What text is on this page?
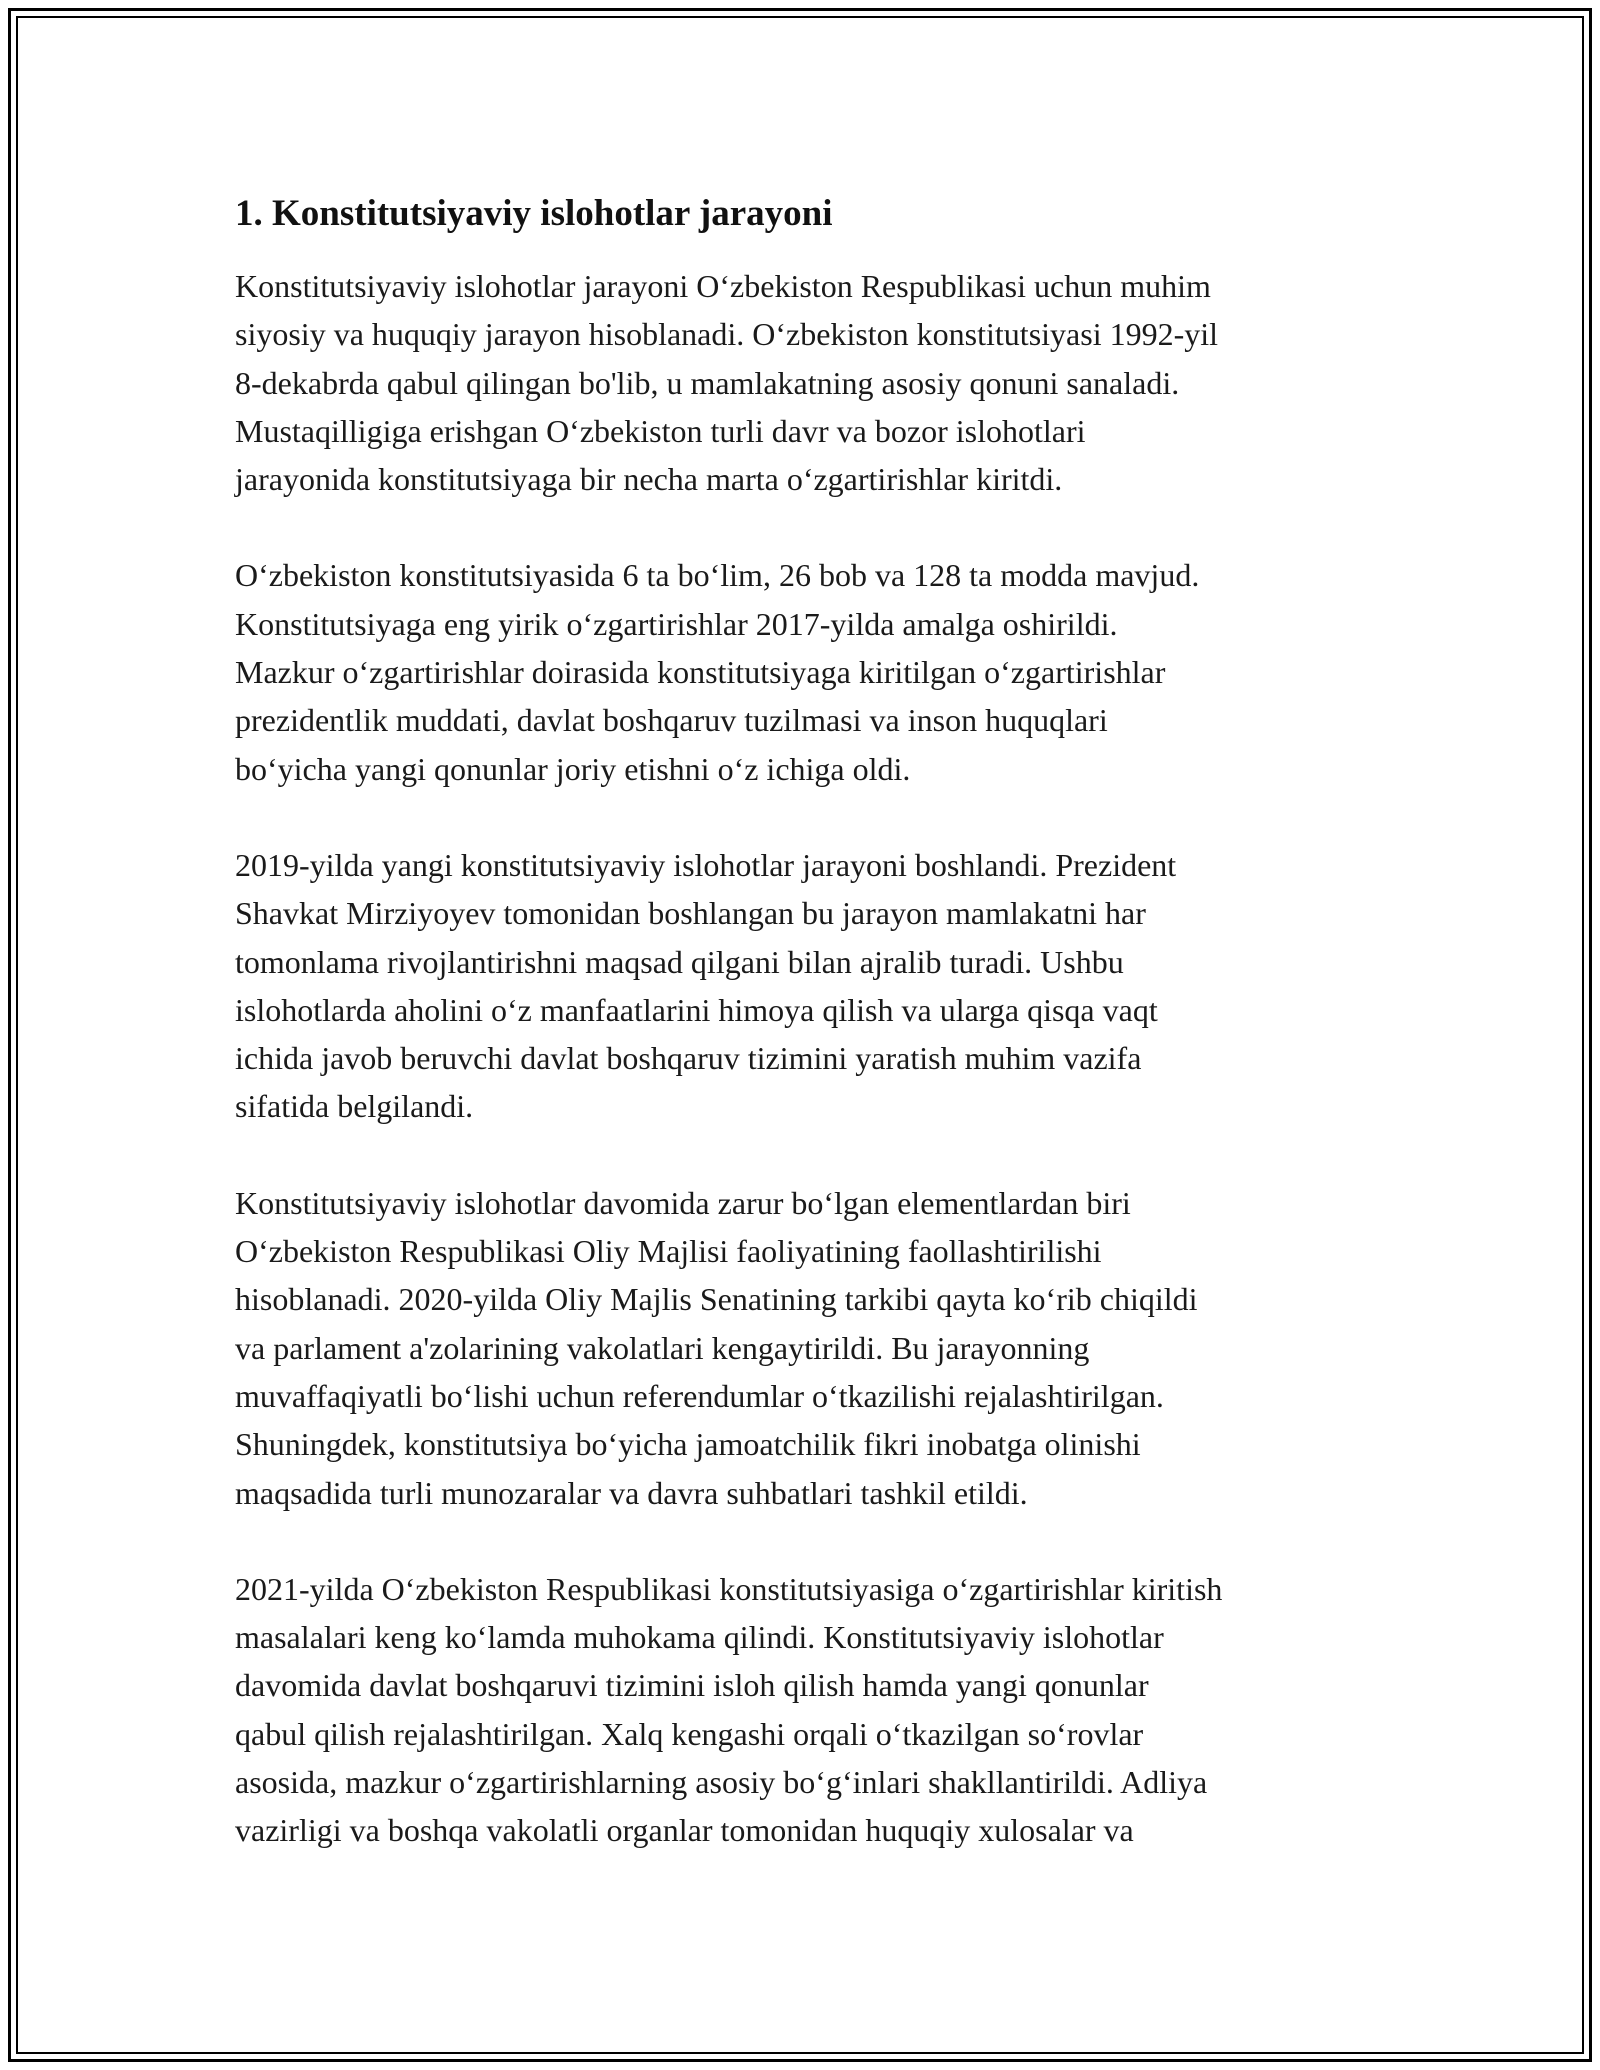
1. Konstitutsiyaviy islohotlar jarayoni

Konstitutsiyaviy islohotlar jarayoni Oʻzbekiston Respublikasi uchun muhim
siyosiy va huquqiy jarayon hisoblanadi. Oʻzbekiston konstitutsiyasi 1992-yil
8-dekabrda qabul qilingan bo'lib, u mamlakatning asosiy qonuni sanaladi.
Mustaqilligiga erishgan Oʻzbekiston turli davr va bozor islohotlari
jarayonida konstitutsiyaga bir necha marta oʻzgartirishlar kiritdi.

Oʻzbekiston konstitutsiyasida 6 ta boʻlim, 26 bob va 128 ta modda mavjud.
Konstitutsiyaga eng yirik oʻzgartirishlar 2017-yilda amalga oshirildi.
Mazkur oʻzgartirishlar doirasida konstitutsiyaga kiritilgan oʻzgartirishlar
prezidentlik muddati, davlat boshqaruv tuzilmasi va inson huquqlari
boʻyicha yangi qonunlar joriy etishni oʻz ichiga oldi.

2019-yilda yangi konstitutsiyaviy islohotlar jarayoni boshlandi. Prezident
Shavkat Mirziyoyev tomonidan boshlangan bu jarayon mamlakatni har
tomonlama rivojlantirishni maqsad qilgani bilan ajralib turadi. Ushbu
islohotlarda aholini oʻz manfaatlarini himoya qilish va ularga qisqa vaqt
ichida javob beruvchi davlat boshqaruv tizimini yaratish muhim vazifa
sifatida belgilandi.

Konstitutsiyaviy islohotlar davomida zarur boʻlgan elementlardan biri
Oʻzbekiston Respublikasi Oliy Majlisi faoliyatining faollashtirilishi
hisoblanadi. 2020-yilda Oliy Majlis Senatining tarkibi qayta koʻrib chiqildi
va parlament a'zolarining vakolatlari kengaytirildi. Bu jarayonning
muvaffaqiyatli boʻlishi uchun referendumlar oʻtkazilishi rejalashtirilgan.
Shuningdek, konstitutsiya boʻyicha jamoatchilik fikri inobatga olinishi
maqsadida turli munozaralar va davra suhbatlari tashkil etildi.

2021-yilda Oʻzbekiston Respublikasi konstitutsiyasiga oʻzgartirishlar kiritish
masalalari keng koʻlamda muhokama qilindi. Konstitutsiyaviy islohotlar
davomida davlat boshqaruvi tizimini isloh qilish hamda yangi qonunlar
qabul qilish rejalashtirilgan. Xalq kengashi orqali oʻtkazilgan soʻrovlar
asosida, mazkur oʻzgartirishlarning asosiy boʻgʻinlari shakllantirildi. Adliya
vazirligi va boshqa vakolatli organlar tomonidan huquqiy xulosalar va
